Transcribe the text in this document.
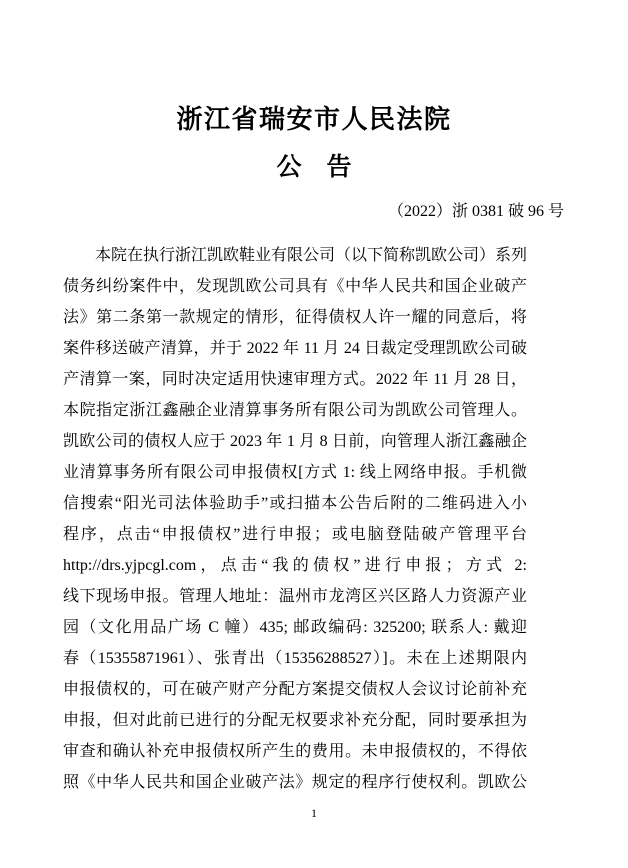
浙江省瑞安市人民法院
公　告
（2022）浙 0381 破 96 号
本院在执行浙江凯欧鞋业有限公司（以下简称凯欧公司）系列
债务纠纷案件中，发现凯欧公司具有《中华人民共和国企业破产
法》第二条第一款规定的情形，征得债权人许一耀的同意后，将
案件移送破产清算，并于 2022 年 11 月 24 日裁定受理凯欧公司破
产清算一案，同时决定适用快速审理方式。2022 年 11 月 28 日，
本院指定浙江鑫融企业清算事务所有限公司为凯欧公司管理人。
凯欧公司的债权人应于 2023 年 1 月 8 日前，向管理人浙江鑫融企
业清算事务所有限公司申报债权[方式 1: 线上网络申报。手机微
信搜索“阳光司法体验助手”或扫描本公告后附的二维码进入小
程序，点击“申报债权”进行申报；或电脑登陆破产管理平台
http://drs.yjpcgl.com，点击“我的债权”进行申报；方式 2:
线下现场申报。管理人地址：温州市龙湾区兴区路人力资源产业
园（文化用品广场 C 幢）435; 邮政编码: 325200; 联系人: 戴迎
春（15355871961）、张青出（15356288527）]。未在上述期限内
申报债权的，可在破产财产分配方案提交债权人会议讨论前补充
申报，但对此前已进行的分配无权要求补充分配，同时要承担为
审查和确认补充申报债权所产生的费用。未申报债权的，不得依
照《中华人民共和国企业破产法》规定的程序行使权利。凯欧公
1
